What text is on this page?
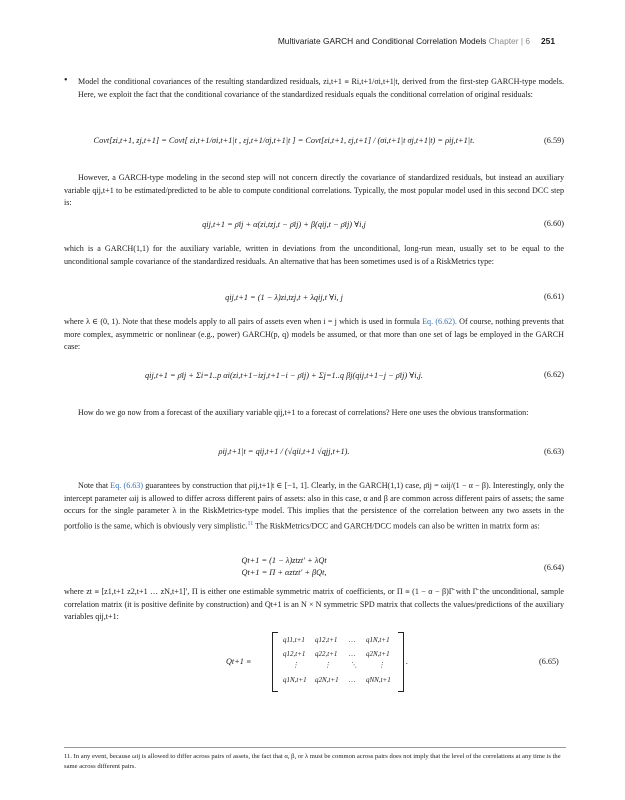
Multivariate GARCH and Conditional Correlation Models Chapter | 6 251
• Model the conditional covariances of the resulting standardized residuals, zi,t+1 ≡ Ri,t+1/σi,t+1|t, derived from the first-step GARCH-type models. Here, we exploit the fact that the conditional covariance of the standardized residuals equals the conditional correlation of original residuals:
Covt[zi,t+1, zj,t+1] = Covt[ εi,t+1/σi,t+1|t , εj,t+1/σj,t+1|t ] = Covt[εi,t+1, εj,t+1] / (σi,t+1|t σj,t+1|t) = ρij,t+1|t.	(6.59)
However, a GARCH-type modeling in the second step will not concern directly the covariance of standardized residuals, but instead an auxiliary variable qij,t+1 to be estimated/predicted to be able to compute conditional correlations. Typically, the most popular model used in this second DCC step is:
qij,t+1 = ρ̄ij + α(zi,tzj,t − ρ̄ij) + β(qij,t − ρ̄ij) ∀i,j	(6.60)
which is a GARCH(1,1) for the auxiliary variable, written in deviations from the unconditional, long-run mean, usually set to be equal to the unconditional sample covariance of the standardized residuals. An alternative that has been sometimes used is of a RiskMetrics type:
qij,t+1 = (1 − λ)zi,tzj,t + λqij,t ∀i, j	(6.61)
where λ ∈ (0, 1). Note that these models apply to all pairs of assets even when i = j which is used in formula Eq. (6.62). Of course, nothing prevents that more complex, asymmetric or nonlinear (e.g., power) GARCH(p, q) models be assumed, or that more than one set of lags be employed in the GARCH case:
qij,t+1 = ρ̄ij + Σi=1..p αi(zi,t+1−izj,t+1−i − ρ̄ij) + Σj=1..q βj(qij,t+1−j − ρ̄ij) ∀i,j.	(6.62)
How do we go now from a forecast of the auxiliary variable qij,t+1 to a forecast of correlations? Here one uses the obvious transformation:
ρij,t+1|t = qij,t+1 / (√qii,t+1 √qjj,t+1).	(6.63)
Note that Eq. (6.63) guarantees by construction that ρij,t+1|t ∈ [−1, 1]. Clearly, in the GARCH(1,1) case, ρ̄ij = ωij/(1 − α − β). Interestingly, only the intercept parameter ωij is allowed to differ across different pairs of assets: also in this case, α and β are common across different pairs of assets; the same occurs for the single parameter λ in the RiskMetrics-type model. This implies that the persistence of the correlation between any two assets in the portfolio is the same, which is obviously very simplistic.$^{11}$ The RiskMetrics/DCC and GARCH/DCC models can also be written in matrix form as:
Qt+1 = (1 − λ)ztzt′ + λQt
Qt+1 = Π + αztzt′ + βQt,
(6.64)
where zt ≡ [z1,t+1 z2,t+1 … zN,t+1]′, Π is either one estimable symmetric matrix of coefficients, or Π ≡ (1 − α − β)Γ̄ with Γ̄ the unconditional, sample correlation matrix (it is positive definite by construction) and Qt+1 is an N × N symmetric SPD matrix that collects the values/predictions of the auxiliary variables qij,t+1:
Qt+1 ≡
q11,t+1 q12,t+1 … q1N,t+1
q12,t+1 q22,t+1 … q2N,t+1
⋮	⋮	⋱	⋮
q1N,t+1 q2N,t+1 … qNN,t+1
.	(6.65)
11. In any event, because ωij is allowed to differ across pairs of assets, the fact that α, β, or λ must be common across pairs does not imply that the level of the correlations at any time is the same across different pairs.
